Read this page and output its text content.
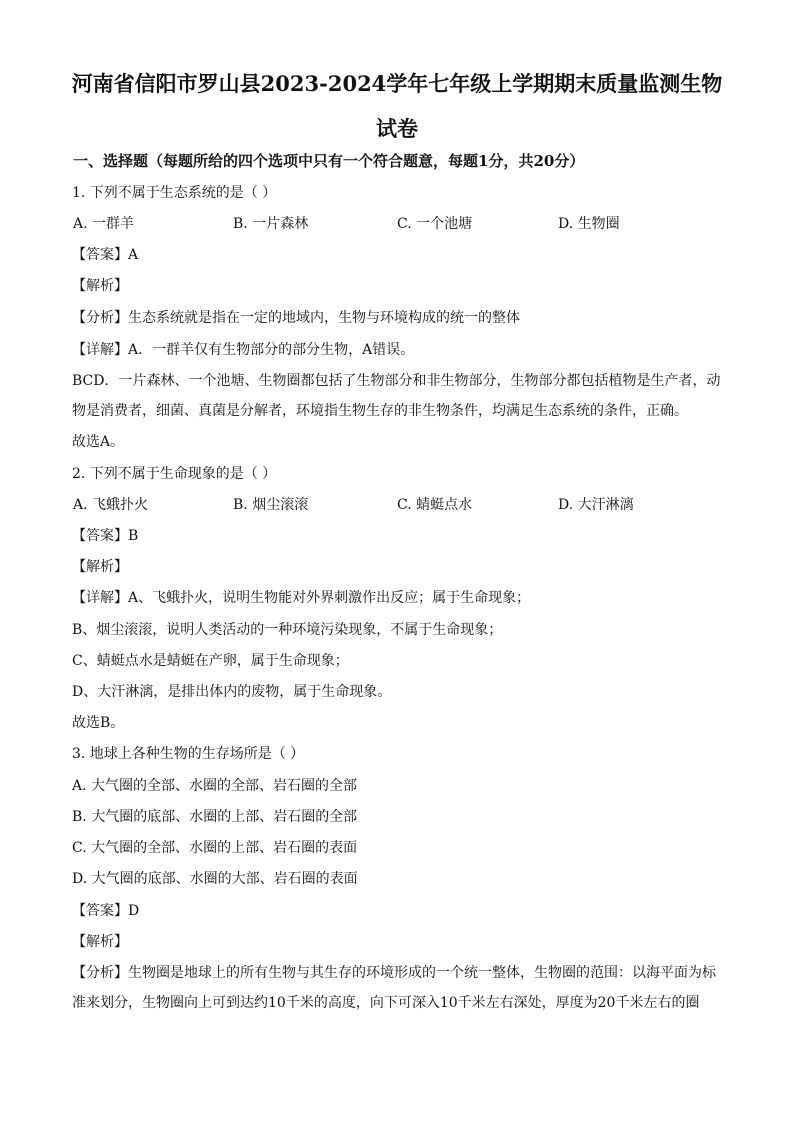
河南省信阳市罗山县2023-2024学年七年级上学期期末质量监测生物
试卷
一、选择题（每题所给的四个选项中只有一个符合题意，每题1分，共20分）
1. 下列不属于生态系统的是（ ）
A. 一群羊	B. 一片森林	C. 一个池塘	D. 生物圈
【答案】A
【解析】
【分析】生态系统就是指在一定的地域内，生物与环境构成的统一的整体
【详解】A．一群羊仅有生物部分的部分生物，A错误。
BCD．一片森林、一个池塘、生物圈都包括了生物部分和非生物部分，生物部分都包括植物是生产者，动
物是消费者，细菌、真菌是分解者，环境指生物生存的非生物条件，均满足生态系统的条件，正确。
故选A。
2. 下列不属于生命现象的是（ ）
A. 飞蛾扑火	B. 烟尘滚滚	C. 蜻蜓点水	D. 大汗淋漓
【答案】B
【解析】
【详解】A、飞蛾扑火，说明生物能对外界刺激作出反应；属于生命现象；
B、烟尘滚滚，说明人类活动的一种环境污染现象，不属于生命现象；
C、蜻蜓点水是蜻蜓在产卵，属于生命现象；
D、大汗淋漓，是排出体内的废物，属于生命现象。
故选B。
3. 地球上各种生物的生存场所是（ ）
A. 大气圈的全部、水圈的全部、岩石圈的全部
B. 大气圈的底部、水圈的上部、岩石圈的全部
C. 大气圈的全部、水圈的上部、岩石圈的表面
D. 大气圈的底部、水圈的大部、岩石圈的表面
【答案】D
【解析】
【分析】生物圈是地球上的所有生物与其生存的环境形成的一个统一整体，生物圈的范围：以海平面为标
准来划分，生物圈向上可到达约10千米的高度，向下可深入10千米左右深处，厚度为20千米左右的圈
